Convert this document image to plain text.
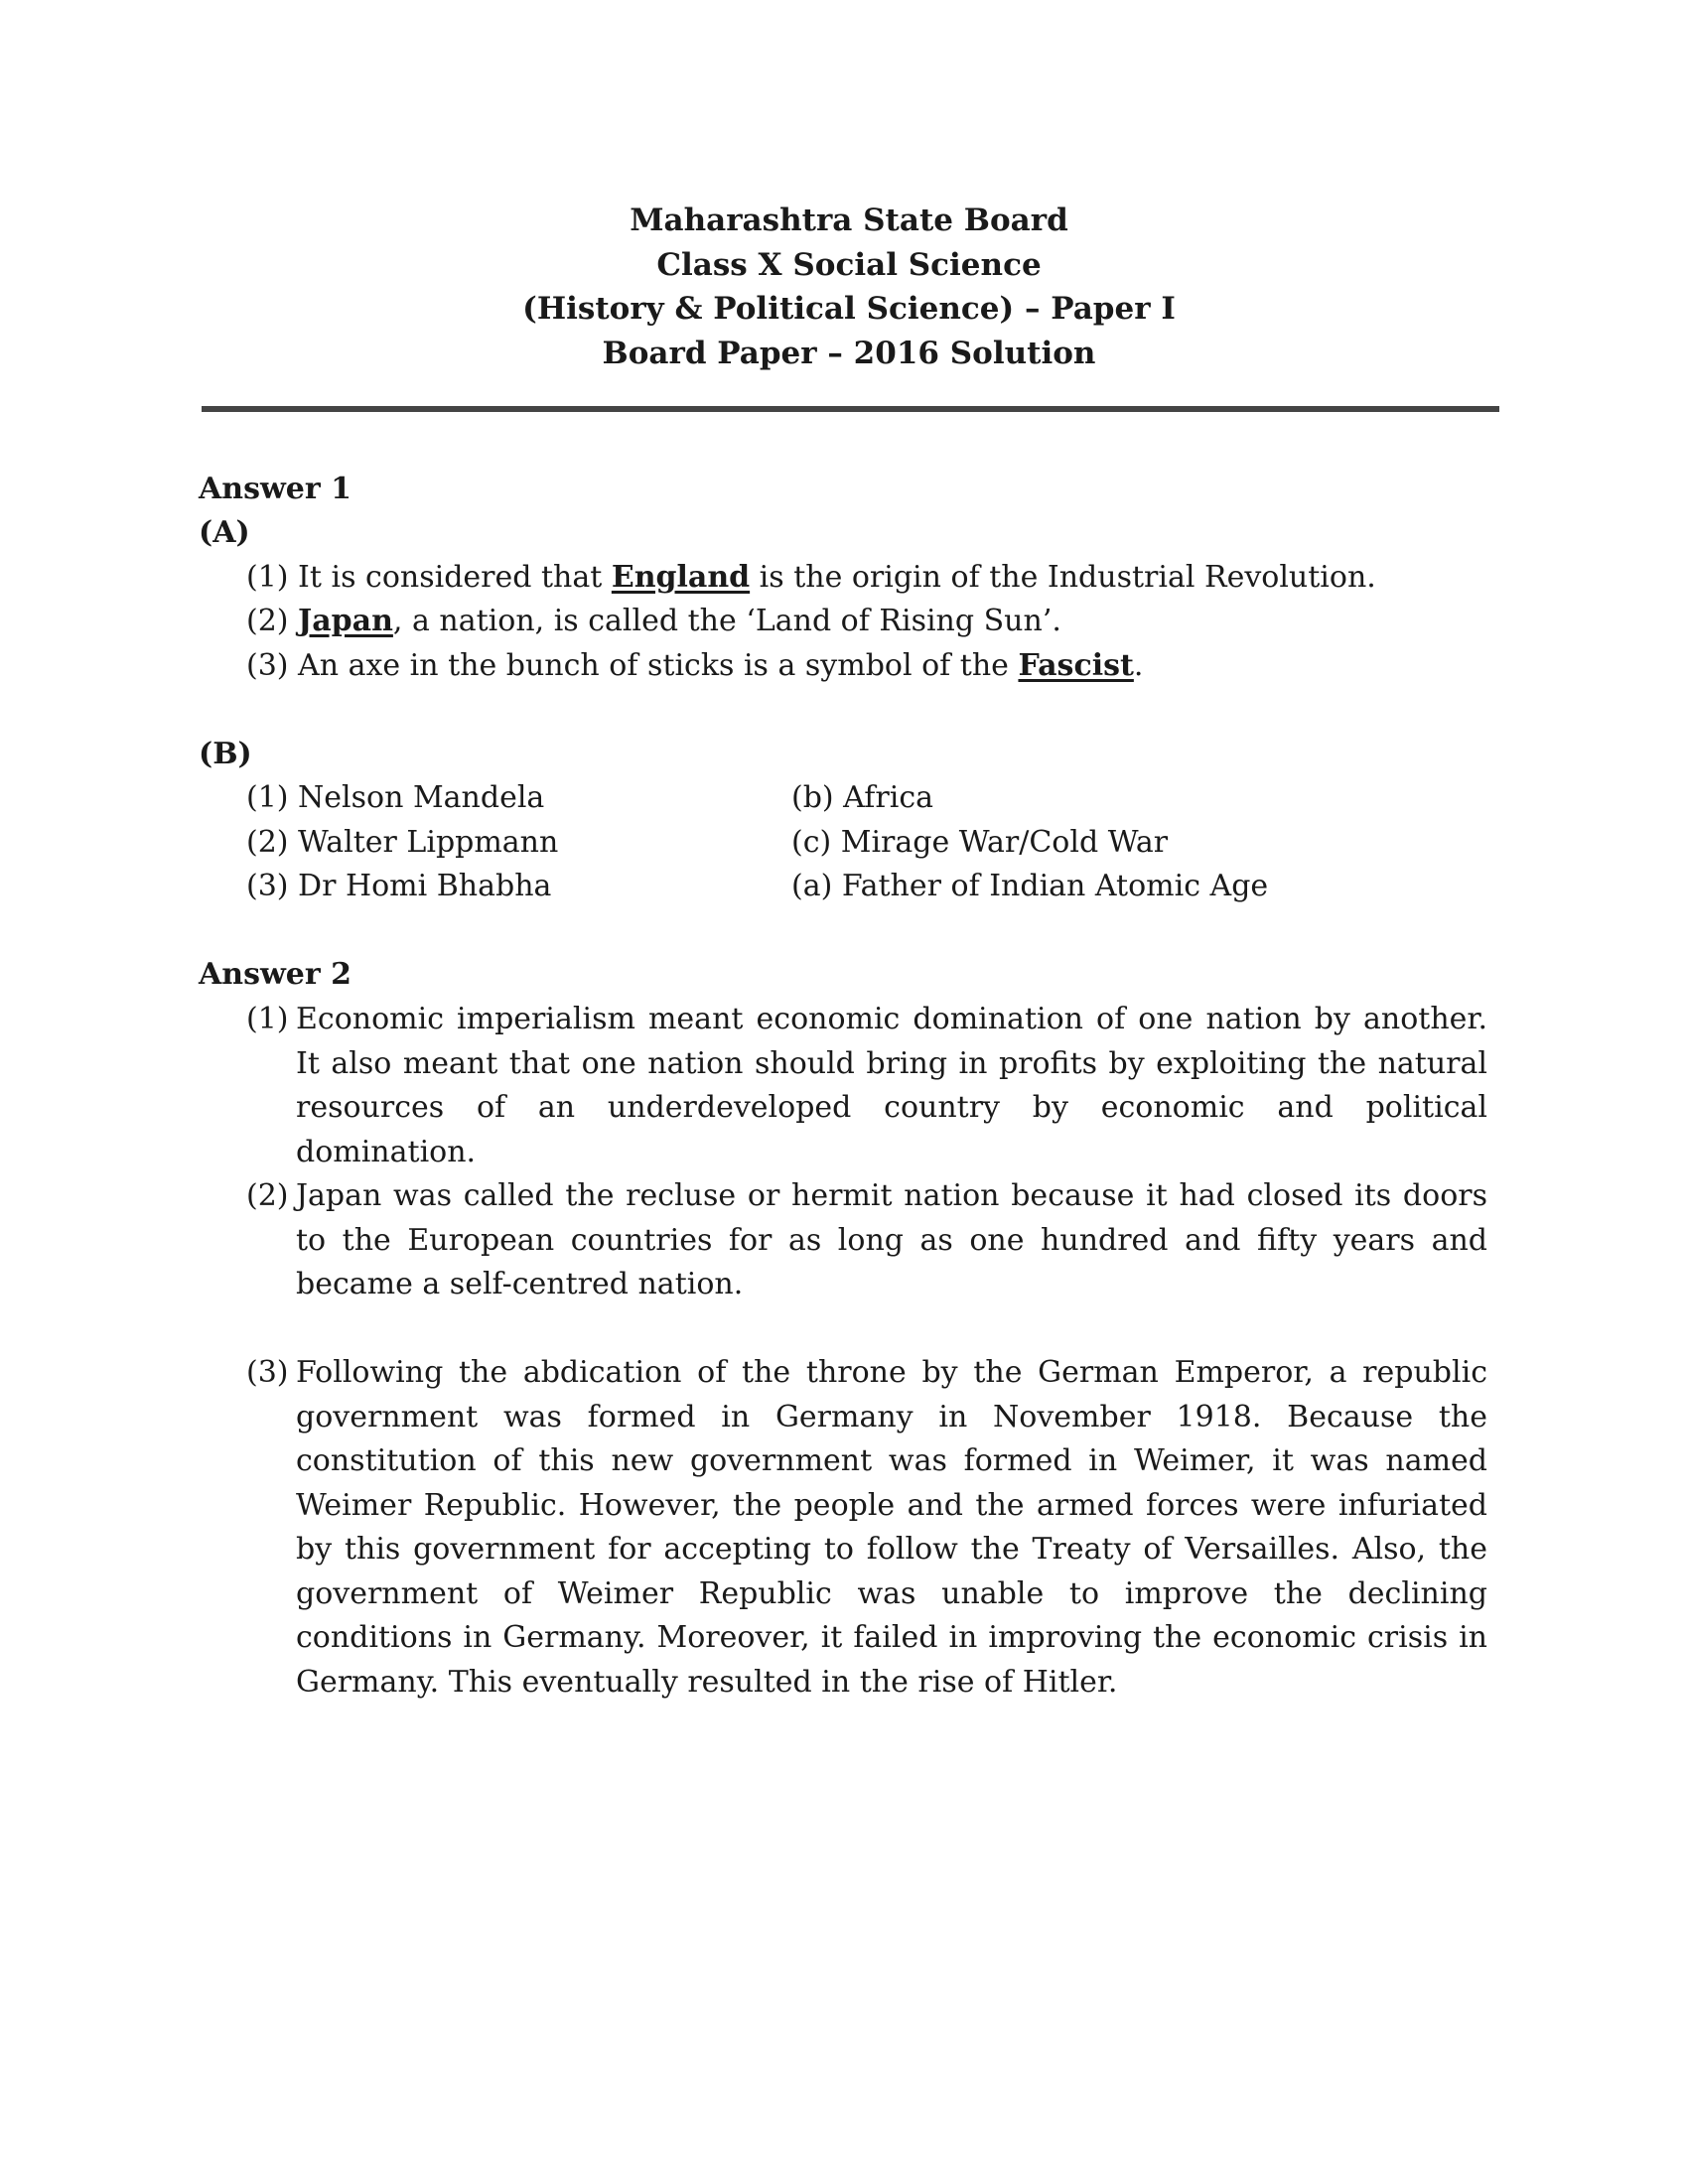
Maharashtra State Board
Class X Social Science
(History & Political Science) – Paper I
Board Paper – 2016 Solution
Answer 1
(A)
(1) It is considered that England is the origin of the Industrial Revolution.
(2) Japan, a nation, is called the ‘Land of Rising Sun’.
(3) An axe in the bunch of sticks is a symbol of the Fascist.
(B)
(1) Nelson Mandela	(b) Africa
(2) Walter Lippmann	(c) Mirage War/Cold War
(3) Dr Homi Bhabha	(a) Father of Indian Atomic Age
Answer 2
(1) Economic imperialism meant economic domination of one nation by another. It also meant that one nation should bring in profits by exploiting the natural resources of an underdeveloped country by economic and political domination.
(2) Japan was called the recluse or hermit nation because it had closed its doors to the European countries for as long as one hundred and fifty years and became a self-centred nation.
(3) Following the abdication of the throne by the German Emperor, a republic government was formed in Germany in November 1918. Because the constitution of this new government was formed in Weimer, it was named Weimer Republic. However, the people and the armed forces were infuriated by this government for accepting to follow the Treaty of Versailles. Also, the government of Weimer Republic was unable to improve the declining conditions in Germany. Moreover, it failed in improving the economic crisis in Germany. This eventually resulted in the rise of Hitler.
